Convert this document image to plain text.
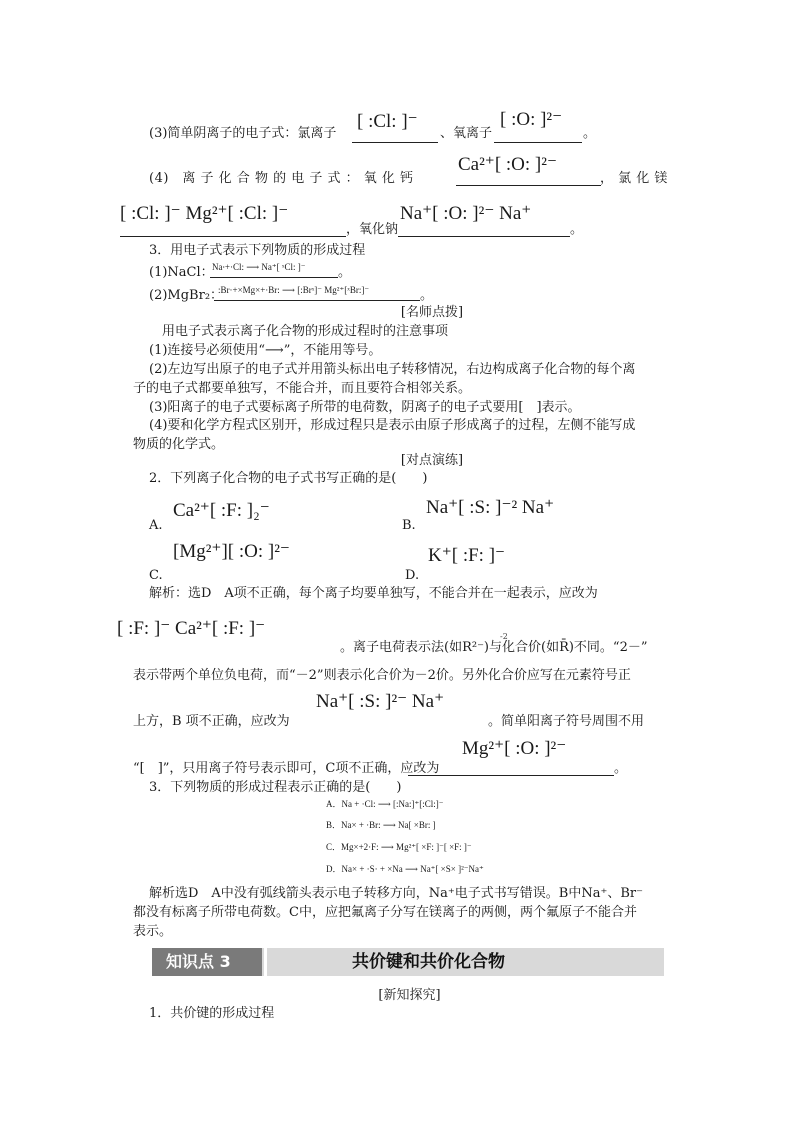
(3)简单阴离子的电子式：氯离子
[ :Cl: ]⁻
、氧离子
[ :O: ]²⁻
。
(4)　离 子 化 合 物 的 电 子 式 ： 氧 化 钙
Ca²⁺[ :O: ]²⁻
， 氯 化 镁
[ :Cl: ]⁻ Mg²⁺[ :Cl: ]⁻
，氧化钠
Na⁺[ :O: ]²⁻ Na⁺
。
3．用电子式表示下列物质的形成过程
(1)NaCl：
Na⸱+·Cl: ⟶ Na⁺[ ˣCl: ]⁻	。
(2)MgBr₂：
:Br·+×Mg×+·Br: ⟶ [:Brˣ]⁻ Mg²⁺[ˣBr:]⁻	。
[名师点拨]
用电子式表示离子化合物的形成过程时的注意事项
(1)连接号必须使用“⟶”，不能用等号。
(2)左边写出原子的电子式并用箭头标出电子转移情况，右边构成离子化合物的每个离
子的电子式都要单独写，不能合并，而且要符合相邻关系。
(3)阳离子的电子式要标离子所带的电荷数，阴离子的电子式要用[　]表示。
(4)要和化学方程式区别开，形成过程只是表示由原子形成离子的过程，左侧不能写成
物质的化学式。
[对点演练]
2．下列离子化合物的电子式书写正确的是(　　)
A.
Ca²⁺[ :F: ]₂⁻
B.
Na⁺[ :S: ]⁻² Na⁺
[Mg²⁺][ :O: ]²⁻
C.
K⁺[ :F: ]⁻
D.
解析：选D　A项不正确，每个离子均要单独写，不能合并在一起表示，应改为
[ :F: ]⁻ Ca²⁺[ :F: ]⁻
。离子电荷表示法(如R²⁻)与化合价(如R̄)不同。“2－”
-2
表示带两个单位负电荷，而“－2”则表示化合价为－2价。另外化合价应写在元素符号正
Na⁺[ :S: ]²⁻ Na⁺
上方，B 项不正确，应改为	。简单阳离子符号周围不用
Mg²⁺[ :O: ]²⁻
“[　]”，只用离子符号表示即可，C项不正确，应改为	。
3．下列物质的形成过程表示正确的是(　　)
A．Na + ·Cl: ⟶ [:Na:]⁺[:Cl:]⁻
B．Na× + ·Br: ⟶ Na[ ×Br: ]
C．Mg×+2·F: ⟶ Mg²⁺[ ×F: ]⁻[ ×F: ]⁻
D．Na× + ·S· + ×Na ⟶ Na⁺[ ×S× ]²⁻Na⁺
解析选D　A中没有弧线箭头表示电子转移方向，Na⁺电子式书写错误。B中Na⁺、Br⁻
都没有标离子所带电荷数。C中，应把氟离子分写在镁离子的两侧，两个氟原子不能合并
表示。
知识点 3	共价键和共价化合物
[新知探究]
1．共价键的形成过程
